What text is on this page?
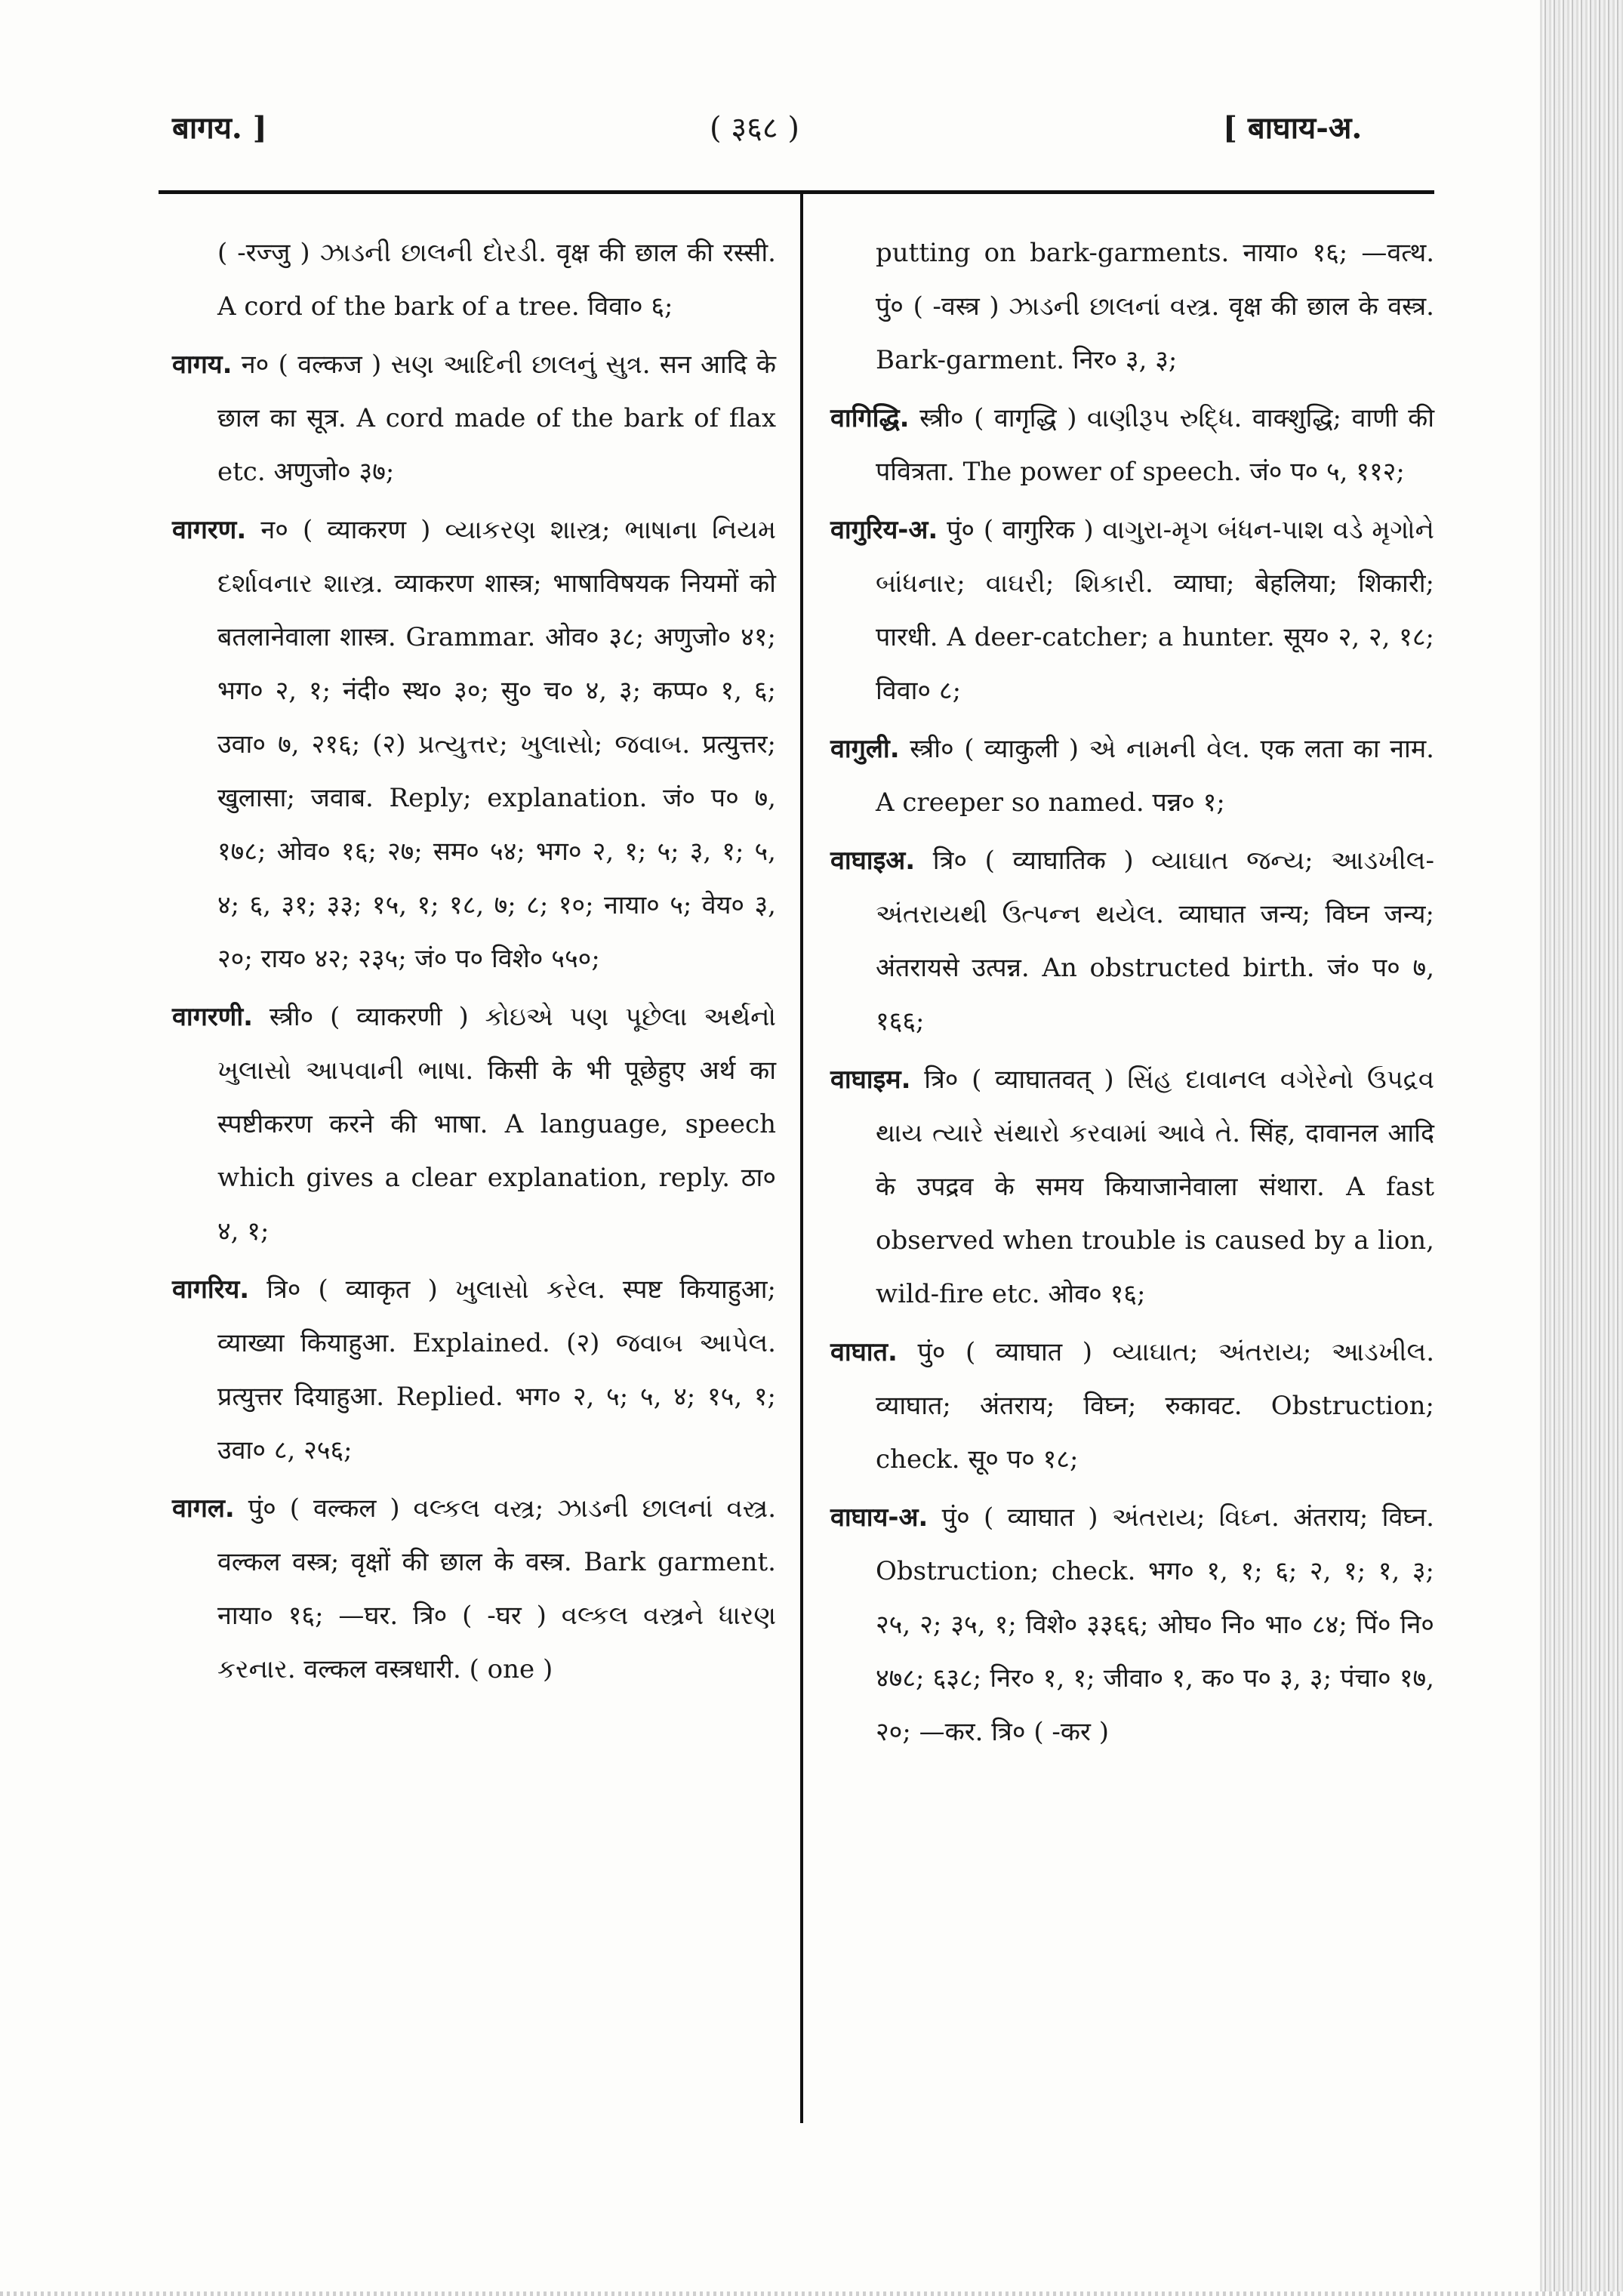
बागय. ]	( ३६८ )	[ बाघाय-अ.

( -रज्जु ) ઝાડની છાલની દોરડી. वृक्ष की छाल की रस्सी. A cord of the bark of a tree. विवा० ६;

वागय. न० ( वल्कज ) સણ આદિની છાલનું સુત્ર. सन आदि के छाल का सूत्र. A cord made of the bark of flax etc. अणुजो० ३७;

वागरण. न० ( व्याकरण ) વ્યાકરણ શાસ્ત્ર; ભાષાના નિયમ દર્શાવનાર શાસ્ત્ર. व्याकरण शास्त्र; भाषाविषयक नियमों को बतलानेवाला शास्त्र. Grammar. ओव० ३८; अणुजो० ४१; भग० २, १; नंदी० स्थ० ३०; सु० च० ४, ३; कप्प० १, ६; उवा० ७, २१६; (२) પ્રત્યુત્તર; ખુલાસો; જવાબ. प्रत्युत्तर; खुलासा; जवाब. Reply; explanation. जं० प० ७, १७८; ओव० १६; २७; सम० ५४; भग० २, १; ५; ३, १; ५, ४; ६, ३१; ३३; १५, १; १८, ७; ८; १०; नाया० ५; वेय० ३, २०; राय० ४२; २३५; जं० प० विशे० ५५०;

वागरणी. स्त्री० ( व्याकरणी ) કોઇએ પણ પૂછેલા અર્થનો ખુલાસો આપવાની ભાષા. किसी के भी पूछेहुए अर्थ का स्पष्टीकरण करने की भाषा. A language, speech which gives a clear explanation, reply. ठा० ४, १;

वागरिय. त्रि० ( व्याकृत ) ખુલાસો કરેલ. स्पष्ट कियाहुआ; व्याख्या कियाहुआ. Explained. (२) જવાબ આપેલ. प्रत्युत्तर दियाहुआ. Replied. भग० २, ५; ५, ४; १५, १; उवा० ८, २५६;

वागल. पुं० ( वल्कल ) વલ્કલ વસ્ત્ર; ઝાડની છાલનાં વસ્ત્ર. वल्कल वस्त्र; वृक्षों की छाल के वस्त्र. Bark garment. नाया० १६; —घर. त्रि० ( -घर ) વલ્કલ વસ્ત્રને ધારણ કરનાર. वल्कल वस्त्रधारी. ( one )

putting on bark-garments. नाया० १६; —वत्थ. पुं० ( -वस्त्र ) ઝાડની છાલનાં વસ્ત્ર. वृक्ष की छाल के वस्त्र. Bark-garment. निर० ३, ३;

वागिद्धि. स्त्री० ( वागृद्धि ) વાણીરૂપ રુદ્ધિ. वाक्शुद्धि; वाणी की पवित्रता. The power of speech. जं० प० ५, ११२;

वागुरिय-अ. पुं० ( वागुरिक ) વાગુરા-મૃગ બંધન-પાશ વડે મૃગોને બાંધનાર; વાઘરી; શિકારી. व्याघा; बेहलिया; शिकारी; पारधी. A deer-catcher; a hunter. सूय० २, २, १८; विवा० ८;

वागुली. स्त्री० ( व्याकुली ) એ નામની વેલ. एक लता का नाम. A creeper so named. पन्न० १;

वाघाइअ. त्रि० ( व्याघातिक ) વ્યાઘાત જન્ય; આડખીલ-અંતરાયથી ઉત્પન્ન થયેલ. व्याघात जन्य; विघ्न जन्य; अंतरायसे उत्पन्न. An obstructed birth. जं० प० ७, १६६;

वाघाइम. त्रि० ( व्याघातवत् ) સિંહ દાવાનલ વગેરેનો ઉપદ્રવ થાય ત્યારે સંથારો કરવામાં આવે તે. सिंह, दावानल आदि के उपद्रव के समय कियाजानेवाला संथारा. A fast observed when trouble is caused by a lion, wild-fire etc. ओव० १६;

वाघात. पुं० ( व्याघात ) વ્યાઘાત; અંતરાય; આડખીલ. व्याघात; अंतराय; विघ्न; रुकावट. Obstruction; check. सू० प० १८;

वाघाय-अ. पुं० ( व्याघात ) અંતરાય; વિઘ્ન. अंतराय; विघ्न. Obstruction; check. भग० १, १; ६; २, १; १, ३; २५, २; ३५, १; विशे० ३३६६; ओघ० नि० भा० ८४; पिं० नि० ४७८; ६३८; निर० १, १; जीवा० १, क० प० ३, ३; पंचा० १७, २०; —कर. त्रि० ( -कर )
